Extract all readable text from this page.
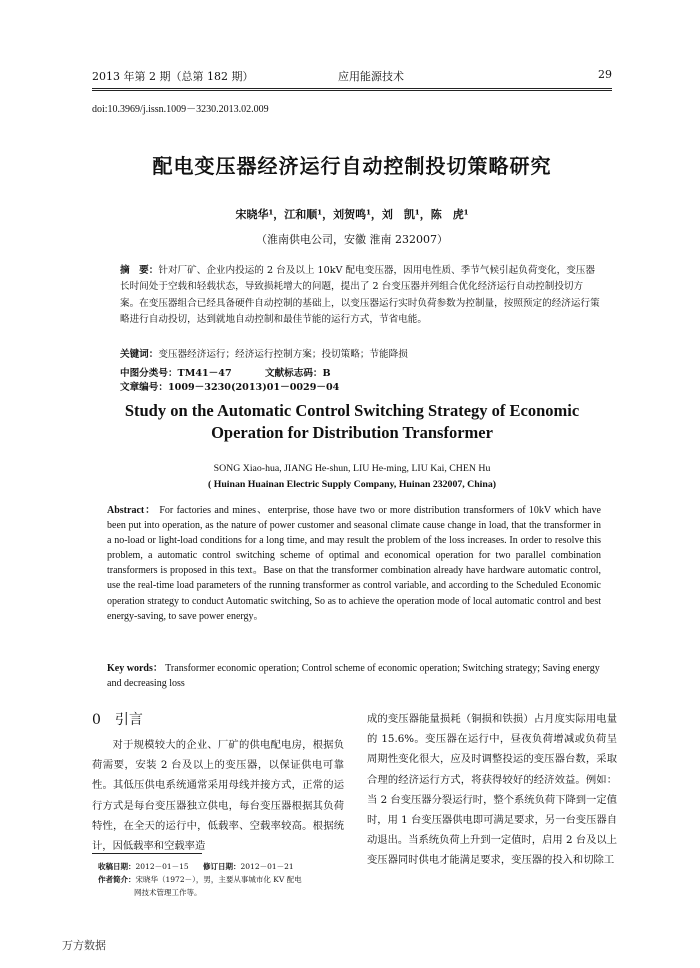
2013 年第 2 期（总第 182 期）	应用能源技术	29
doi:10.3969/j.issn.1009－3230.2013.02.009
配电变压器经济运行自动控制投切策略研究
宋晓华¹，江和顺¹，刘贺鸣¹，刘　凯¹，陈　虎¹
（淮南供电公司，安徽 淮南 232007）
摘　要：针对厂矿、企业内投运的 2 台及以上 10kV 配电变压器，因用电性质、季节气候引起负荷变化，变压器长时间处于空载和轻载状态，导致损耗增大的问题，提出了 2 台变压器并列组合优化经济运行自动控制投切方案。在变压器组合已经具备硬件自动控制的基础上，以变压器运行实时负荷参数为控制量，按照预定的经济运行策略进行自动投切，达到就地自动控制和最佳节能的运行方式，节省电能。
关键词：变压器经济运行；经济运行控制方案；投切策略；节能降损
中图分类号：TM41－47	文献标志码：B 文章编号：1009－3230(2013)01－0029－04
Study on the Automatic Control Switching Strategy of Economic Operation for Distribution Transformer
SONG Xiao-hua, JIANG He-shun, LIU He-ming, LIU Kai, CHEN Hu
( Huinan Huainan Electric Supply Company, Huinan 232007, China)
Abstract： For factories and mines、enterprise, those have two or more distribution transformers of 10kV which have been put into operation, as the nature of power customer and seasonal climate cause change in load, that the transformer in a no-load or light-load conditions for a long time, and may result the problem of the loss increases. In order to resolve this problem, a automatic control switching scheme of optimal and economical operation for two parallel combination transformers is proposed in this text。Base on that the transformer combination already have hardware automatic control, use the real-time load parameters of the running transformer as control variable, and according to the Scheduled Economic operation strategy to conduct Automatic switching, So as to achieve the operation mode of local automatic control and best energy-saving, to save power energy。
Key words： Transformer economic operation; Control scheme of economic operation; Switching strategy; Saving energy and decreasing loss
0　引言
对于规模较大的企业、厂矿的供电配电房，根据负荷需要，安装 2 台及以上的变压器，以保证供电可靠性。其低压供电系统通常采用母线并接方式，正常的运行方式是每台变压器独立供电，每台变压器根据其负荷特性，在全天的运行中，低载率、空载率较高。根据统计，因低载率和空载率造
成的变压器能量损耗（铜损和铁损）占月度实际用电量的 15.6%。变压器在运行中，昼夜负荷增减或负荷呈周期性变化很大，应及时调整投运的变压器台数，采取合理的经济运行方式，将获得较好的经济效益。例如：当 2 台变压器分裂运行时，整个系统负荷下降到一定值时，用 1 台变压器供电即可满足要求，另一台变压器自动退出。当系统负荷上升到一定值时，启用 2 台及以上变压器同时供电才能满足要求，变压器的投入和切除工
收稿日期：2012－01－15 修订日期：2012－01－21
作者简介：宋晓华（1972－），男，主要从事城市化 KV 配电
网技术管理工作等。
万方数据
